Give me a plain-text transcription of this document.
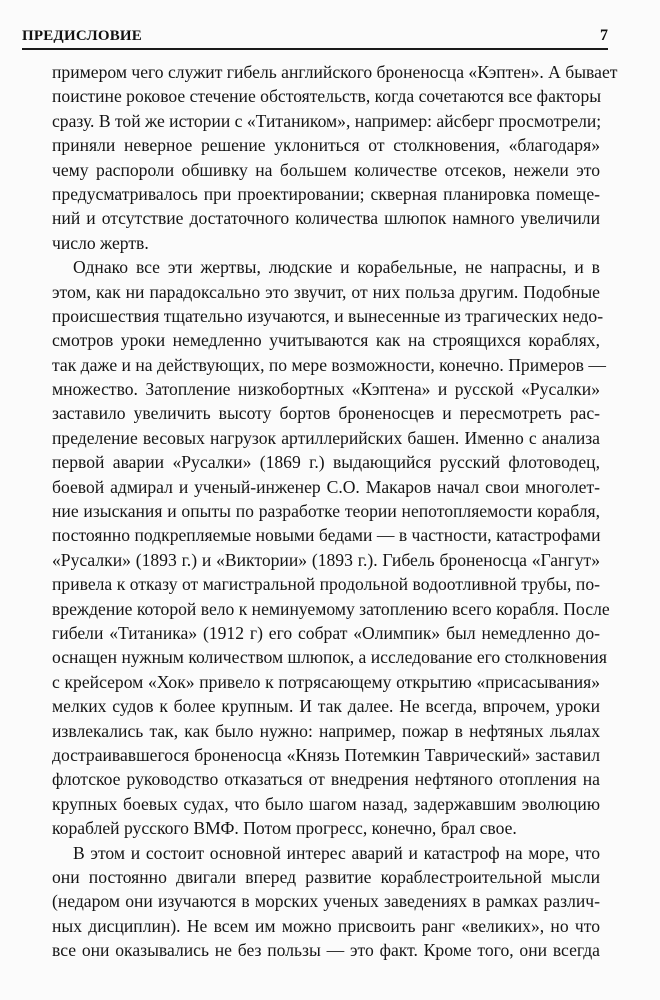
ПРЕДИСЛОВИЕ	7
примером чего служит гибель английского броненосца «Кэптен». А бывает
поистине роковое стечение обстоятельств, когда сочетаются все факторы
сразу. В той же истории с «Титаником», например: айсберг просмотрели;
приняли неверное решение уклониться от столкновения, «благодаря»
чему распороли обшивку на большем количестве отсеков, нежели это
предусматривалось при проектировании; скверная планировка помеще-
ний и отсутствие достаточного количества шлюпок намного увеличили
число жертв.
Однако все эти жертвы, людские и корабельные, не напрасны, и в
этом, как ни парадоксально это звучит, от них польза другим. Подобные
происшествия тщательно изучаются, и вынесенные из трагических недо-
смотров уроки немедленно учитываются как на строящихся кораблях,
так даже и на действующих, по мере возможности, конечно. Примеров —
множество. Затопление низкобортных «Кэптена» и русской «Русалки»
заставило увеличить высоту бортов броненосцев и пересмотреть рас-
пределение весовых нагрузок артиллерийских башен. Именно с анализа
первой аварии «Русалки» (1869 г.) выдающийся русский флотоводец,
боевой адмирал и ученый-инженер С.О. Макаров начал свои многолет-
ние изыскания и опыты по разработке теории непотопляемости корабля,
постоянно подкрепляемые новыми бедами — в частности, катастрофами
«Русалки» (1893 г.) и «Виктории» (1893 г.). Гибель броненосца «Гангут»
привела к отказу от магистральной продольной водоотливной трубы, по-
вреждение которой вело к неминуемому затоплению всего корабля. После
гибели «Титаника» (1912 г) его собрат «Олимпик» был немедленно до-
оснащен нужным количеством шлюпок, а исследование его столкновения
с крейсером «Хок» привело к потрясающему открытию «присасывания»
мелких судов к более крупным. И так далее. Не всегда, впрочем, уроки
извлекались так, как было нужно: например, пожар в нефтяных льялах
достраивавшегося броненосца «Князь Потемкин Таврический» заставил
флотское руководство отказаться от внедрения нефтяного отопления на
крупных боевых судах, что было шагом назад, задержавшим эволюцию
кораблей русского ВМФ. Потом прогресс, конечно, брал свое.
В этом и состоит основной интерес аварий и катастроф на море, что
они постоянно двигали вперед развитие кораблестроительной мысли
(недаром они изучаются в морских ученых заведениях в рамках различ-
ных дисциплин). Не всем им можно присвоить ранг «великих», но что
все они оказывались не без пользы — это факт. Кроме того, они всегда
